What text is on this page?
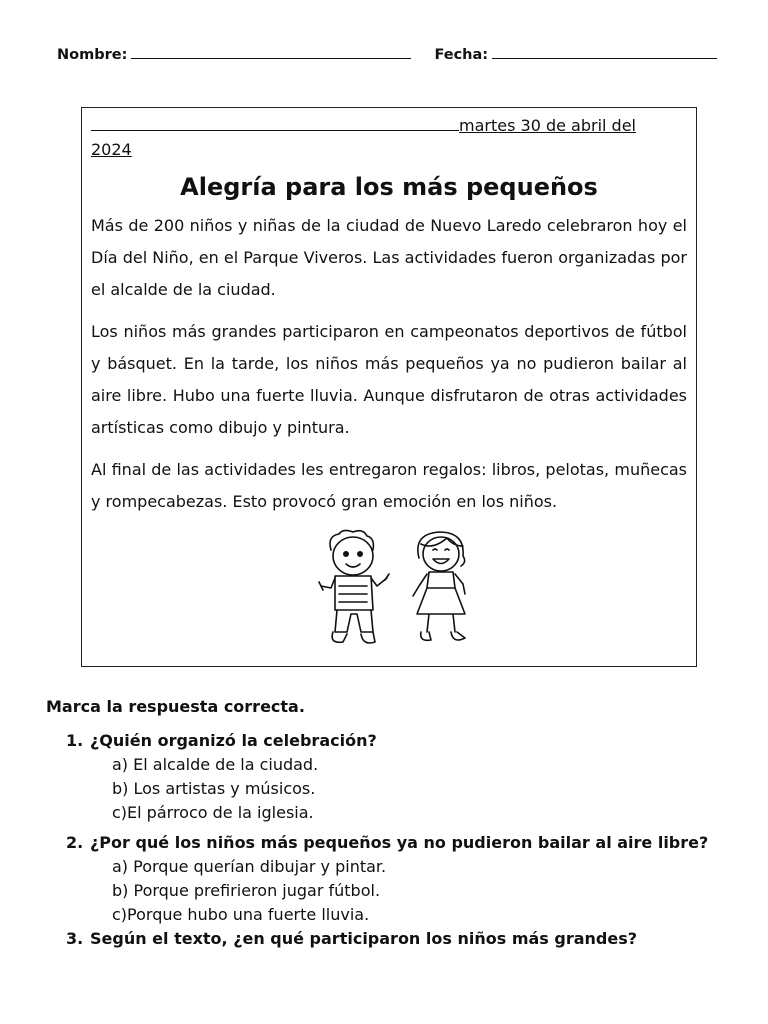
Nombre:	Fecha:
martes 30 de abril del
2024
Alegría para los más pequeños

Más de 200 niños y niñas de la ciudad de Nuevo Laredo celebraron hoy el Día del Niño, en el Parque Viveros. Las actividades fueron organizadas por el alcalde de la ciudad.

Los niños más grandes participaron en campeonatos deportivos de fútbol y básquet. En la tarde, los niños más pequeños ya no pudieron bailar al aire libre. Hubo una fuerte lluvia. Aunque disfrutaron de otras actividades artísticas como dibujo y pintura.

Al final de las actividades les entregaron regalos: libros, pelotas, muñecas y rompecabezas. Esto provocó gran emoción en los niños.

Marca la respuesta correcta.
1. ¿Quién organizó la celebración?
a) El alcalde de la ciudad.
b) Los artistas y músicos.
c)El párroco de la iglesia.
2. ¿Por qué los niños más pequeños ya no pudieron bailar al aire libre?
a) Porque querían dibujar y pintar.
b) Porque prefirieron jugar fútbol.
c)Porque hubo una fuerte lluvia.
3. Según el texto, ¿en qué participaron los niños más grandes?
